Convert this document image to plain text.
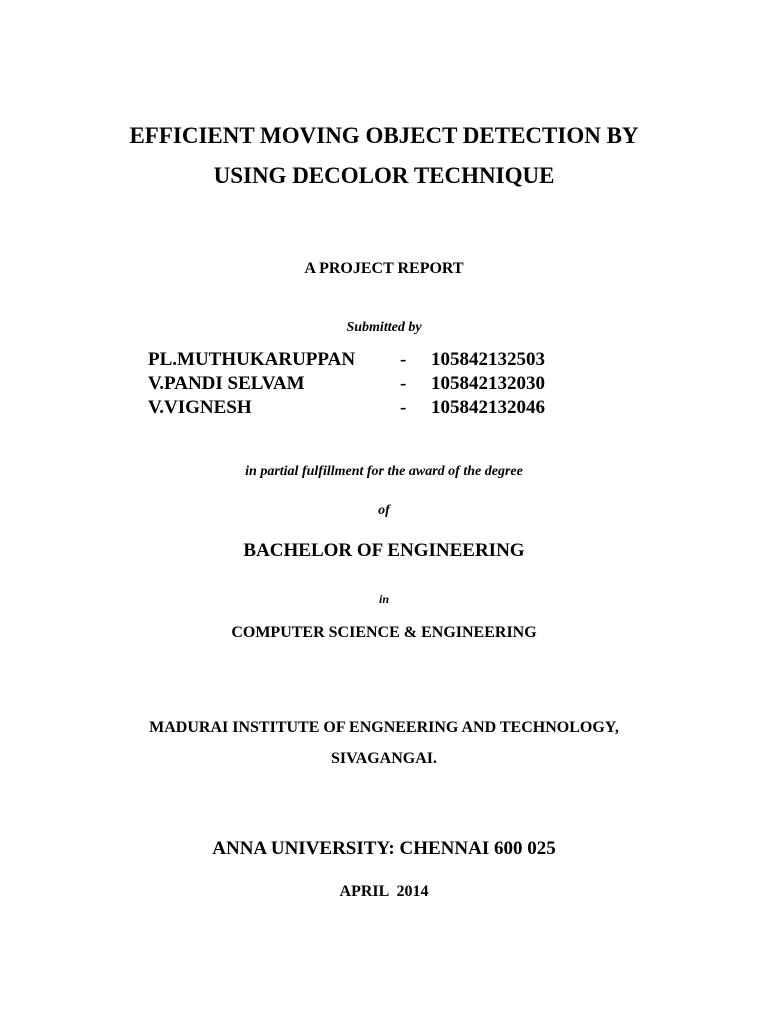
EFFICIENT MOVING OBJECT DETECTION BY
USING DECOLOR TECHNIQUE
A PROJECT REPORT
Submitted by
PL.MUTHUKARUPPAN - 105842132503
V.PANDI SELVAM	- 105842132030
V.VIGNESH	- 105842132046
in partial fulfillment for the award of the degree
of
BACHELOR OF ENGINEERING
in
COMPUTER SCIENCE & ENGINEERING
MADURAI INSTITUTE OF ENGNEERING AND TECHNOLOGY,
SIVAGANGAI.
ANNA UNIVERSITY: CHENNAI 600 025
APRIL  2014
